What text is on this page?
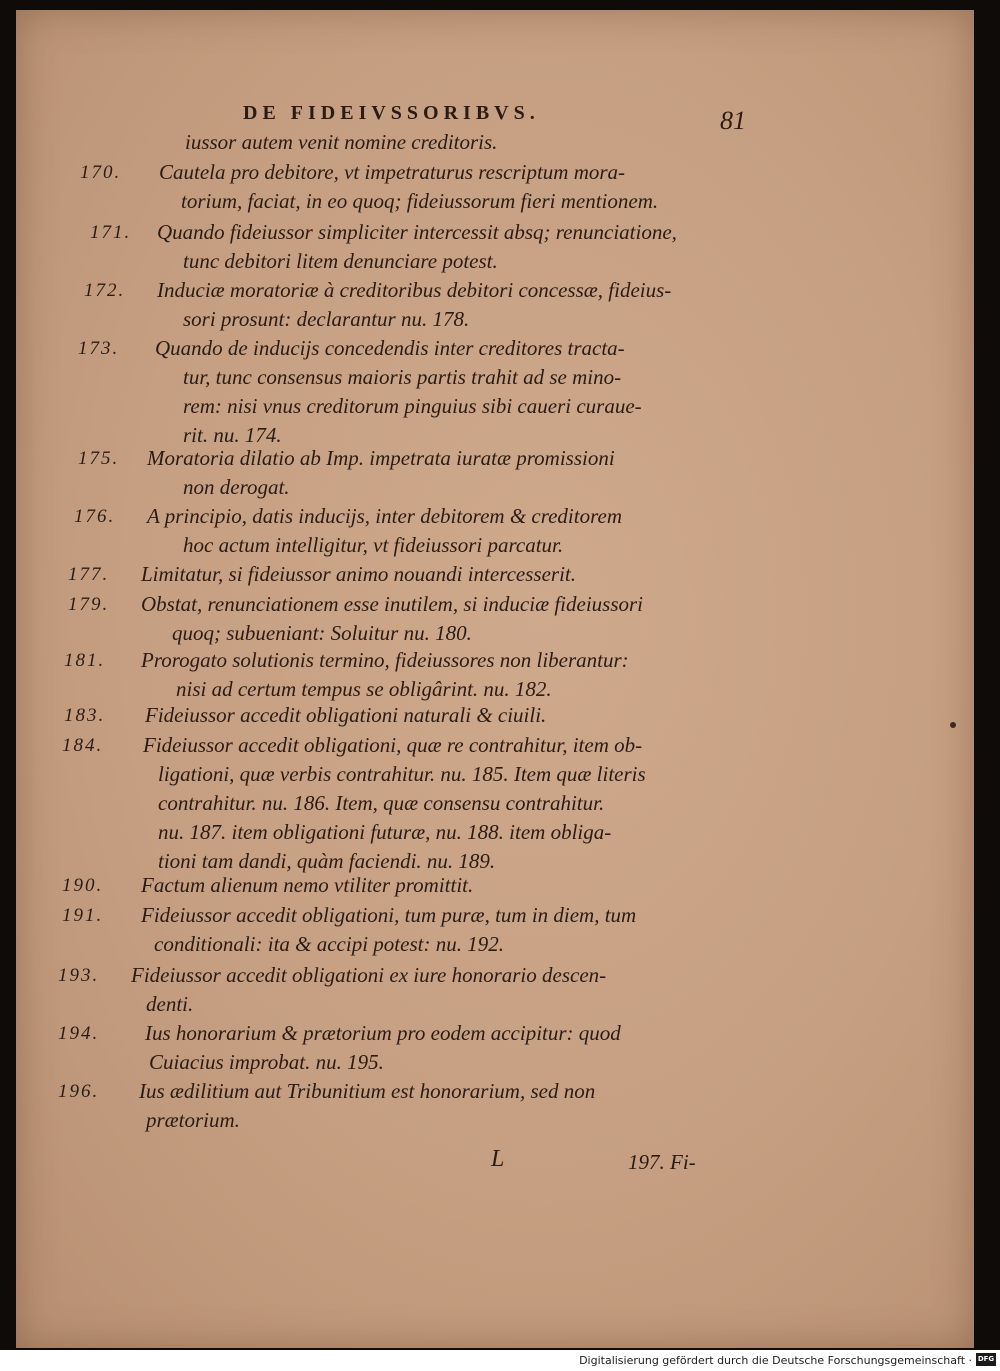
DE FIDEIVSSORIBVS.	81
iussor autem venit nomine creditoris.
170. Cautela pro debitore, vt impetraturus rescriptum mora-
torium, faciat, in eo quoq; fideiussorum fieri mentionem.
171. Quando fideiussor simpliciter intercessit absq; renunciatione,
tunc debitori litem denunciare potest.
172. Induciæ moratoriæ à creditoribus debitori concessæ, fideius-
sori prosunt: declarantur nu. 178.
173. Quando de inducijs concedendis inter creditores tracta-
tur, tunc consensus maioris partis trahit ad se mino-
rem: nisi vnus creditorum pinguius sibi caueri curaue-
rit. nu. 174.
175. Moratoria dilatio ab Imp. impetrata iuratæ promissioni
non derogat.
176. A principio, datis inducijs, inter debitorem & creditorem
hoc actum intelligitur, vt fideiussori parcatur.
177. Limitatur, si fideiussor animo nouandi intercesserit.
179. Obstat, renunciationem esse inutilem, si induciæ fideiussori
quoq; subueniant: Soluitur nu. 180.
181. Prorogato solutionis termino, fideiussores non liberantur:
nisi ad certum tempus se obligârint. nu. 182.
183. Fideiussor accedit obligationi naturali & ciuili.
184. Fideiussor accedit obligationi, quæ re contrahitur, item ob-
ligationi, quæ verbis contrahitur. nu. 185. Item quæ literis
contrahitur. nu. 186. Item, quæ consensu contrahitur.
nu. 187. item obligationi futuræ, nu. 188. item obliga-
tioni tam dandi, quàm faciendi. nu. 189.
190. Factum alienum nemo vtiliter promittit.
191. Fideiussor accedit obligationi, tum puræ, tum in diem, tum
conditionali: ita & accipi potest: nu. 192.
193. Fideiussor accedit obligationi ex iure honorario descen-
denti.
194. Ius honorarium & prætorium pro eodem accipitur: quod
Cuiacius improbat. nu. 195.
196. Ius ædilitium aut Tribunitium est honorarium, sed non
prætorium.
L	197. Fi-
Digitalisierung gefördert durch die Deutsche Forschungsgemeinschaft · DFG
